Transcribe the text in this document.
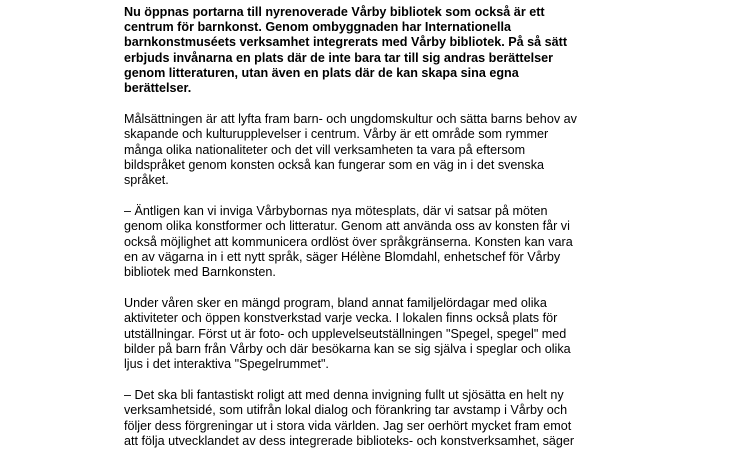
Nu öppnas portarna till nyrenoverade Vårby bibliotek som också är ett
centrum för barnkonst. Genom ombyggnaden har Internationella
barnkonstmuséets verksamhet integrerats med Vårby bibliotek. På så sätt
erbjuds invånarna en plats där de inte bara tar till sig andras berättelser
genom litteraturen, utan även en plats där de kan skapa sina egna
berättelser.
Målsättningen är att lyfta fram barn- och ungdomskultur och sätta barns behov av
skapande och kulturupplevelser i centrum. Vårby är ett område som rymmer
många olika nationaliteter och det vill verksamheten ta vara på eftersom
bildspråket genom konsten också kan fungerar som en väg in i det svenska
språket.
– Äntligen kan vi inviga Vårbybornas nya mötesplats, där vi satsar på möten
genom olika konstformer och litteratur. Genom att använda oss av konsten får vi
också möjlighet att kommunicera ordlöst över språkgränserna. Konsten kan vara
en av vägarna in i ett nytt språk, säger Hélène Blomdahl, enhetschef för Vårby
bibliotek med Barnkonsten.
Under våren sker en mängd program, bland annat familjelördagar med olika
aktiviteter och öppen konstverkstad varje vecka. I lokalen finns också plats för
utställningar. Först ut är foto- och upplevelseutställningen "Spegel, spegel" med
bilder på barn från Vårby och där besökarna kan se sig själva i speglar och olika
ljus i det interaktiva "Spegelrummet".
– Det ska bli fantastiskt roligt att med denna invigning fullt ut sjösätta en helt ny
verksamhetsidé, som utifrån lokal dialog och förankring tar avstamp i Vårby och
följer dess förgreningar ut i stora vida världen. Jag ser oerhört mycket fram emot
att följa utvecklandet av dess integrerade biblioteks- och konstverksamhet, säger
